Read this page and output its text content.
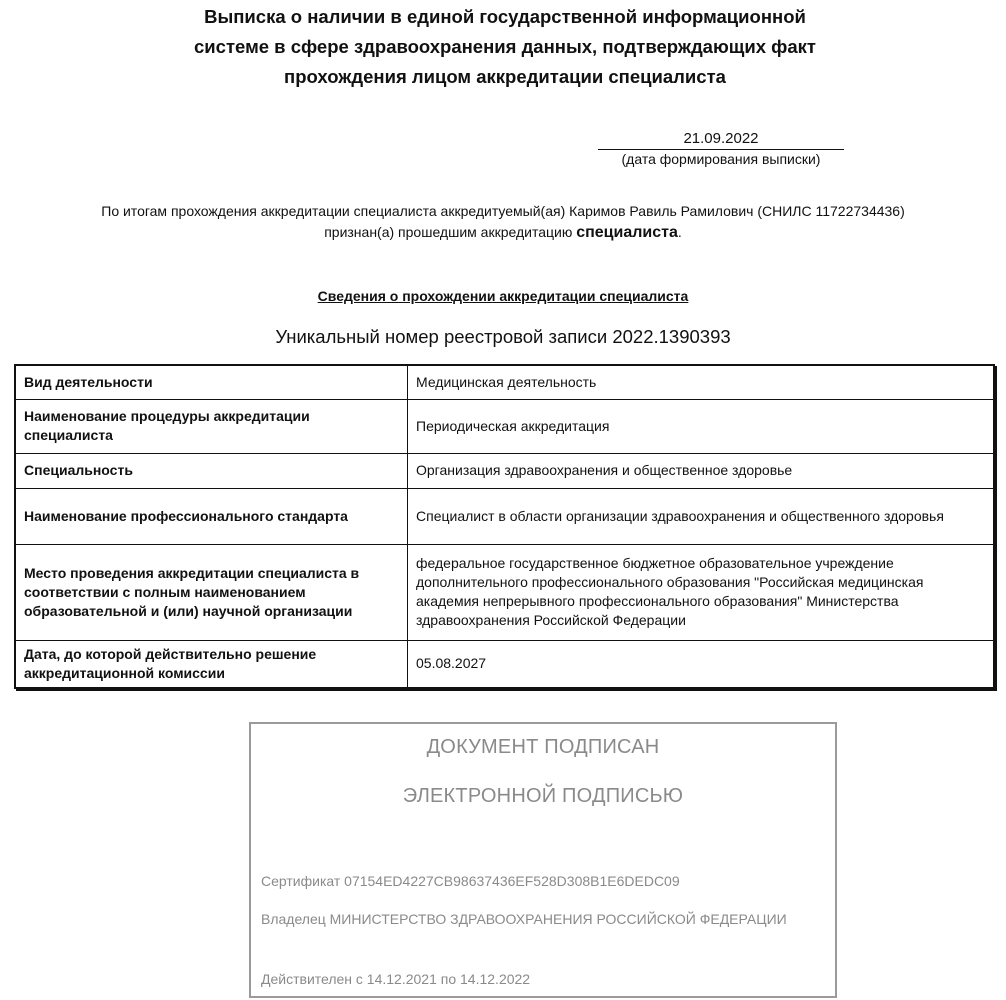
Выписка о наличии в единой государственной информационной
системе в сфере здравоохранения данных, подтверждающих факт
прохождения лицом аккредитации специалиста
21.09.2022
(дата формирования выписки)
По итогам прохождения аккредитации специалиста аккредитуемый(ая) Каримов Равиль Рамилович (СНИЛС 11722734436)
признан(а) прошедшим аккредитацию специалиста.
Сведения о прохождении аккредитации специалиста
Уникальный номер реестровой записи 2022.1390393
Вид деятельности	Медицинская деятельность
Наименование процедуры аккредитации специалиста	Периодическая аккредитация
Специальность	Организация здравоохранения и общественное здоровье
Наименование профессионального стандарта	Специалист в области организации здравоохранения и общественного здоровья
Место проведения аккредитации специалиста в соответствии с полным наименованием образовательной и (или) научной организации	федеральное государственное бюджетное образовательное учреждение дополнительного профессионального образования "Российская медицинская академия непрерывного профессионального образования" Министерства здравоохранения Российской Федерации
Дата, до которой действительно решение аккредитационной комиссии	05.08.2027
ДОКУМЕНТ ПОДПИСАН
ЭЛЕКТРОННОЙ ПОДПИСЬЮ
Сертификат 07154ED4227CB98637436EF528D308B1E6DEDC09
Владелец МИНИСТЕРСТВО ЗДРАВООХРАНЕНИЯ РОССИЙСКОЙ ФЕДЕРАЦИИ
Действителен с 14.12.2021 по 14.12.2022
